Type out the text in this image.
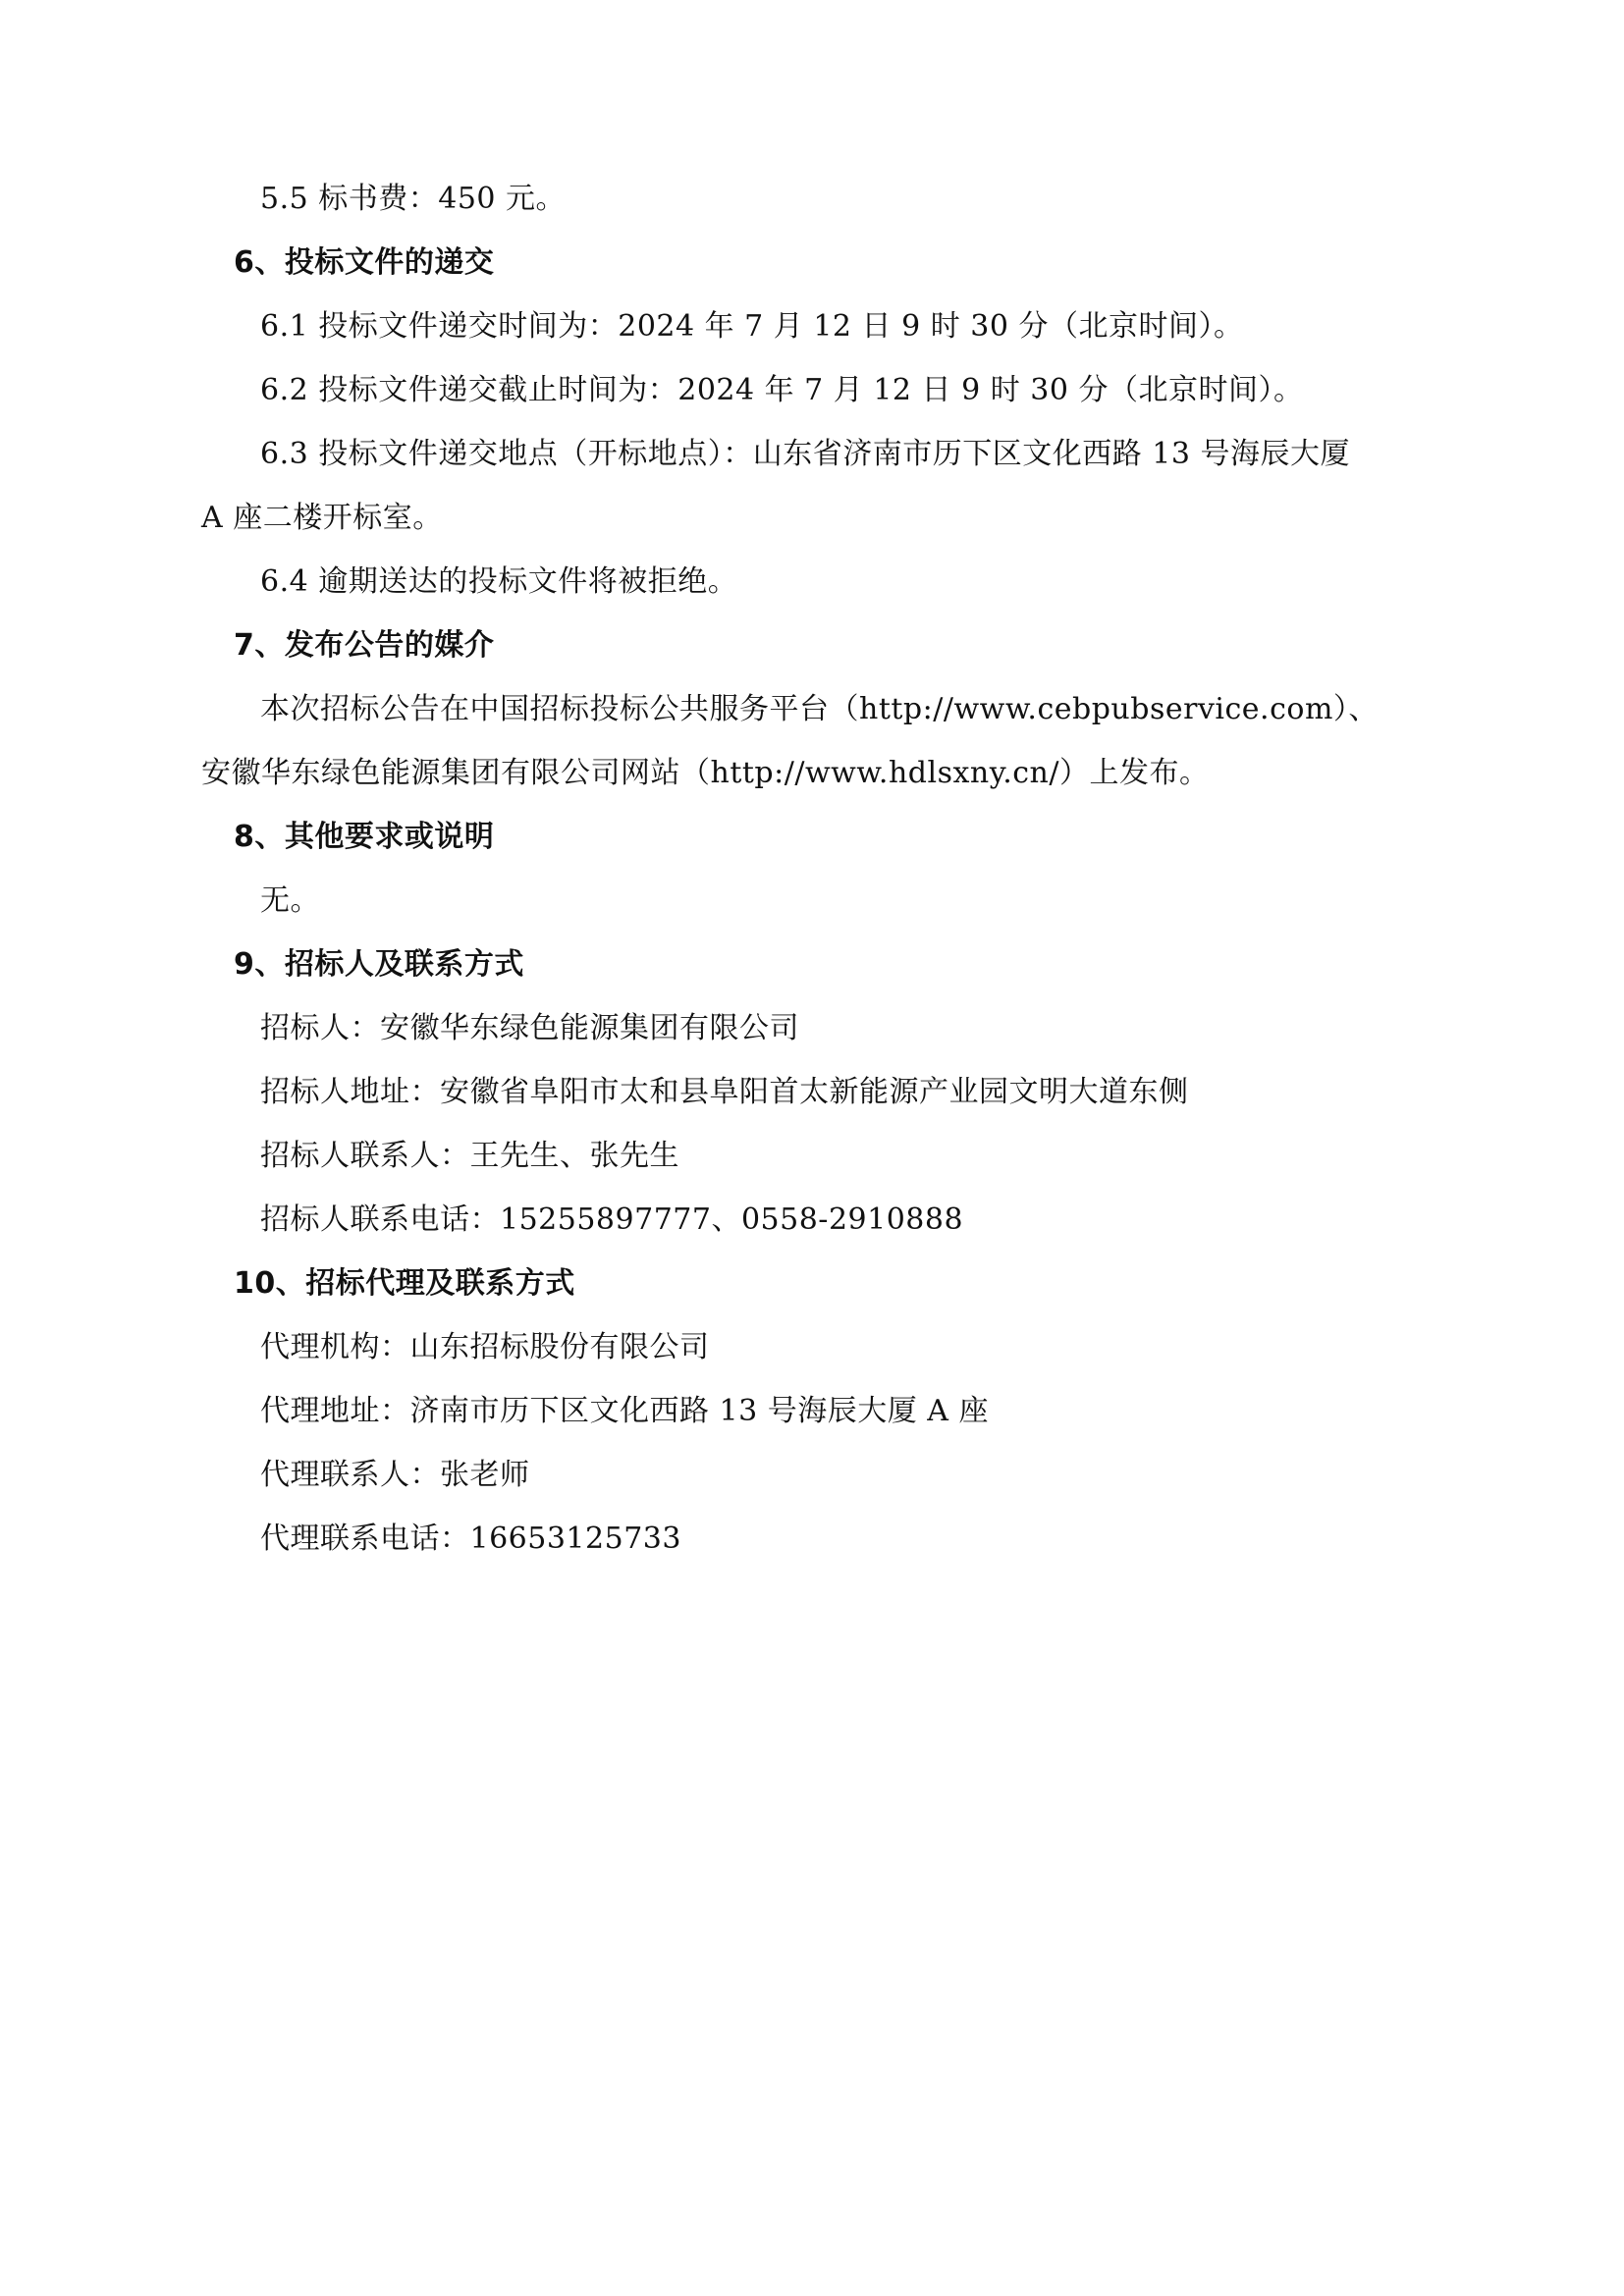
5.5 标书费：450 元。
6、投标文件的递交
6.1 投标文件递交时间为：2024 年 7 月 12 日 9 时 30 分（北京时间）。
6.2 投标文件递交截止时间为：2024 年 7 月 12 日 9 时 30 分（北京时间）。
6.3 投标文件递交地点（开标地点）：山东省济南市历下区文化西路 13 号海辰大厦
A 座二楼开标室。
6.4 逾期送达的投标文件将被拒绝。
7、发布公告的媒介
本次招标公告在中国招标投标公共服务平台（http://www.cebpubservice.com）、
安徽华东绿色能源集团有限公司网站（http://www.hdlsxny.cn/）上发布。
8、其他要求或说明
无。
9、招标人及联系方式
招标人：安徽华东绿色能源集团有限公司
招标人地址：安徽省阜阳市太和县阜阳首太新能源产业园文明大道东侧
招标人联系人：王先生、张先生
招标人联系电话：15255897777、0558-2910888
10、招标代理及联系方式
代理机构：山东招标股份有限公司
代理地址：济南市历下区文化西路 13 号海辰大厦 A 座
代理联系人：张老师
代理联系电话：16653125733
